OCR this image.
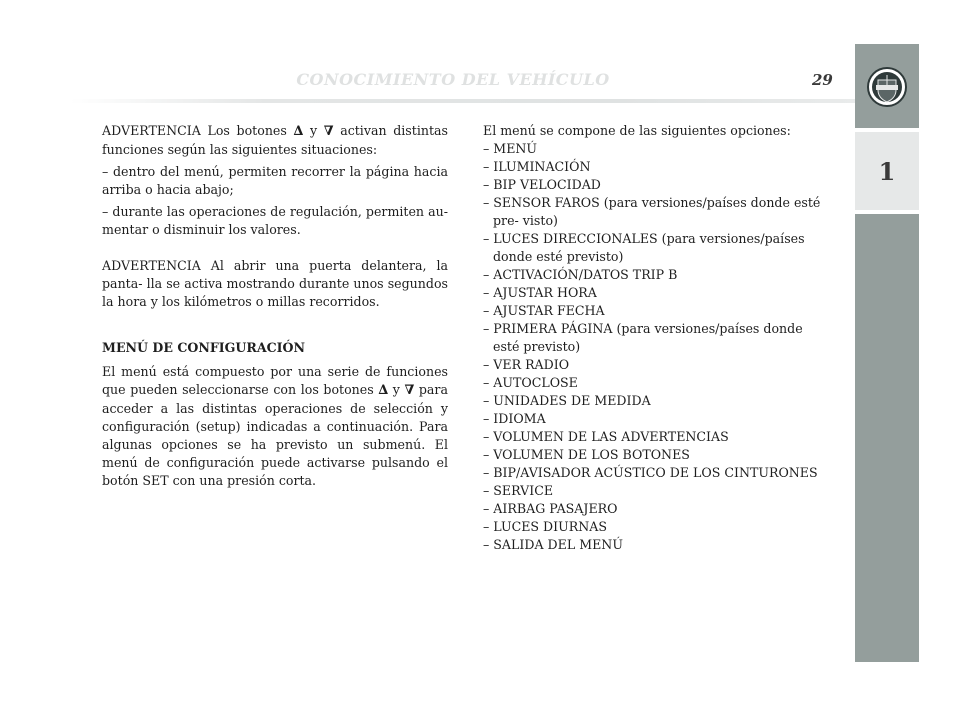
CONOCIMIENTO DEL VEHÍCULO	29
1

ADVERTENCIA Los botones ∆ y ∇ activan distintas funciones según las siguientes situaciones:

– dentro del menú, permiten recorrer la página hacia arriba o hacia abajo;

– durante las operaciones de regulación, permiten au- mentar o disminuir los valores.

ADVERTENCIA Al abrir una puerta delantera, la panta- lla se activa mostrando durante unos segundos la hora y los kilómetros o millas recorridos.

MENÚ DE CONFIGURACIÓN

El menú está compuesto por una serie de funciones que pueden seleccionarse con los botones ∆ y ∇ para acceder a las distintas operaciones de selección y configuración (setup) indicadas a continuación. Para algunas opciones se ha previsto un submenú. El menú de configuración puede activarse pulsando el botón SET con una presión corta.

El menú se compone de las siguientes opciones:

– MENÚ
– ILUMINACIÓN
– BIP VELOCIDAD
– SENSOR FAROS (para versiones/países donde esté pre- visto)
– LUCES DIRECCIONALES (para versiones/países donde esté previsto)
– ACTIVACIÓN/DATOS TRIP B
– AJUSTAR HORA
– AJUSTAR FECHA
– PRIMERA PÁGINA (para versiones/países donde esté previsto)
– VER RADIO
– AUTOCLOSE
– UNIDADES DE MEDIDA
– IDIOMA
– VOLUMEN DE LAS ADVERTENCIAS
– VOLUMEN DE LOS BOTONES
– BIP/AVISADOR ACÚSTICO DE LOS CINTURONES
– SERVICE
– AIRBAG PASAJERO
– LUCES DIURNAS
– SALIDA DEL MENÚ
